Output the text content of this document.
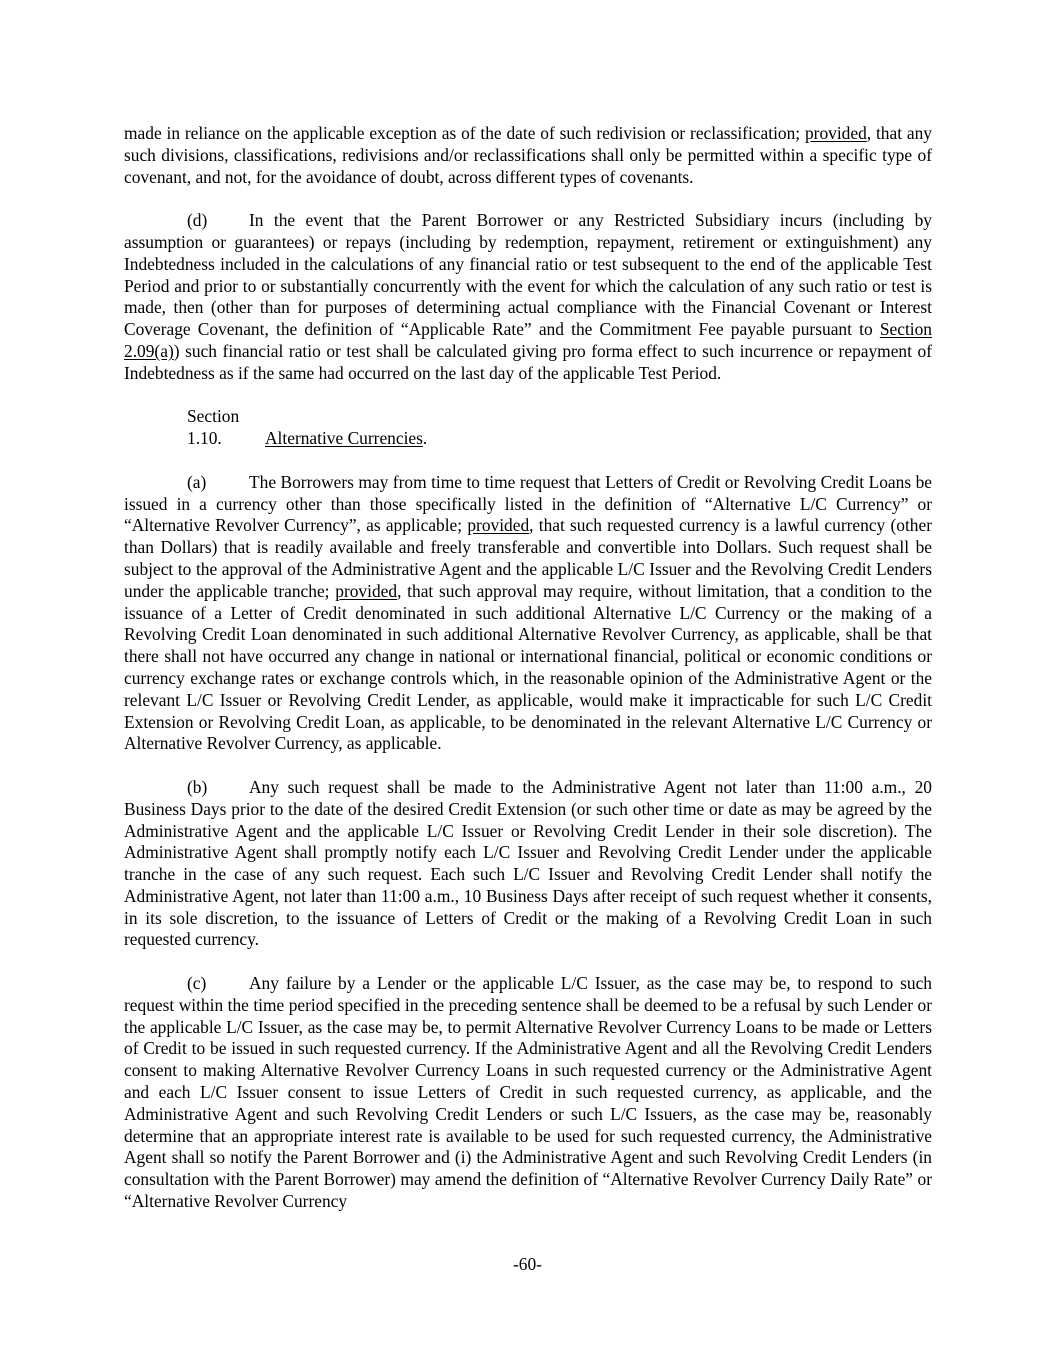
made in reliance on the applicable exception as of the date of such redivision or reclassification; provided, that any such divisions, classifications, redivisions and/or reclassifications shall only be permitted within a specific type of covenant, and not, for the avoidance of doubt, across different types of covenants.

(d) In the event that the Parent Borrower or any Restricted Subsidiary incurs (including by assumption or guarantees) or repays (including by redemption, repayment, retirement or extinguishment) any Indebtedness included in the calculations of any financial ratio or test subsequent to the end of the applicable Test Period and prior to or substantially concurrently with the event for which the calculation of any such ratio or test is made, then (other than for purposes of determining actual compliance with the Financial Covenant or Interest Coverage Covenant, the definition of “Applicable Rate” and the Commitment Fee payable pursuant to Section 2.09(a)) such financial ratio or test shall be calculated giving pro forma effect to such incurrence or repayment of Indebtedness as if the same had occurred on the last day of the applicable Test Period.

Section 1.10. Alternative Currencies.

(a) The Borrowers may from time to time request that Letters of Credit or Revolving Credit Loans be issued in a currency other than those specifically listed in the definition of “Alternative L/C Currency” or “Alternative Revolver Currency”, as applicable; provided, that such requested currency is a lawful currency (other than Dollars) that is readily available and freely transferable and convertible into Dollars. Such request shall be subject to the approval of the Administrative Agent and the applicable L/C Issuer and the Revolving Credit Lenders under the applicable tranche; provided, that such approval may require, without limitation, that a condition to the issuance of a Letter of Credit denominated in such additional Alternative L/C Currency or the making of a Revolving Credit Loan denominated in such additional Alternative Revolver Currency, as applicable, shall be that there shall not have occurred any change in national or international financial, political or economic conditions or currency exchange rates or exchange controls which, in the reasonable opinion of the Administrative Agent or the relevant L/C Issuer or Revolving Credit Lender, as applicable, would make it impracticable for such L/C Credit Extension or Revolving Credit Loan, as applicable, to be denominated in the relevant Alternative L/C Currency or Alternative Revolver Currency, as applicable.

(b) Any such request shall be made to the Administrative Agent not later than 11:00 a.m., 20 Business Days prior to the date of the desired Credit Extension (or such other time or date as may be agreed by the Administrative Agent and the applicable L/C Issuer or Revolving Credit Lender in their sole discretion). The Administrative Agent shall promptly notify each L/C Issuer and Revolving Credit Lender under the applicable tranche in the case of any such request. Each such L/C Issuer and Revolving Credit Lender shall notify the Administrative Agent, not later than 11:00 a.m., 10 Business Days after receipt of such request whether it consents, in its sole discretion, to the issuance of Letters of Credit or the making of a Revolving Credit Loan in such requested currency.

(c) Any failure by a Lender or the applicable L/C Issuer, as the case may be, to respond to such request within the time period specified in the preceding sentence shall be deemed to be a refusal by such Lender or the applicable L/C Issuer, as the case may be, to permit Alternative Revolver Currency Loans to be made or Letters of Credit to be issued in such requested currency. If the Administrative Agent and all the Revolving Credit Lenders consent to making Alternative Revolver Currency Loans in such requested currency or the Administrative Agent and each L/C Issuer consent to issue Letters of Credit in such requested currency, as applicable, and the Administrative Agent and such Revolving Credit Lenders or such L/C Issuers, as the case may be, reasonably determine that an appropriate interest rate is available to be used for such requested currency, the Administrative Agent shall so notify the Parent Borrower and (i) the Administrative Agent and such Revolving Credit Lenders (in consultation with the Parent Borrower) may amend the definition of “Alternative Revolver Currency Daily Rate” or “Alternative Revolver Currency

-60-
